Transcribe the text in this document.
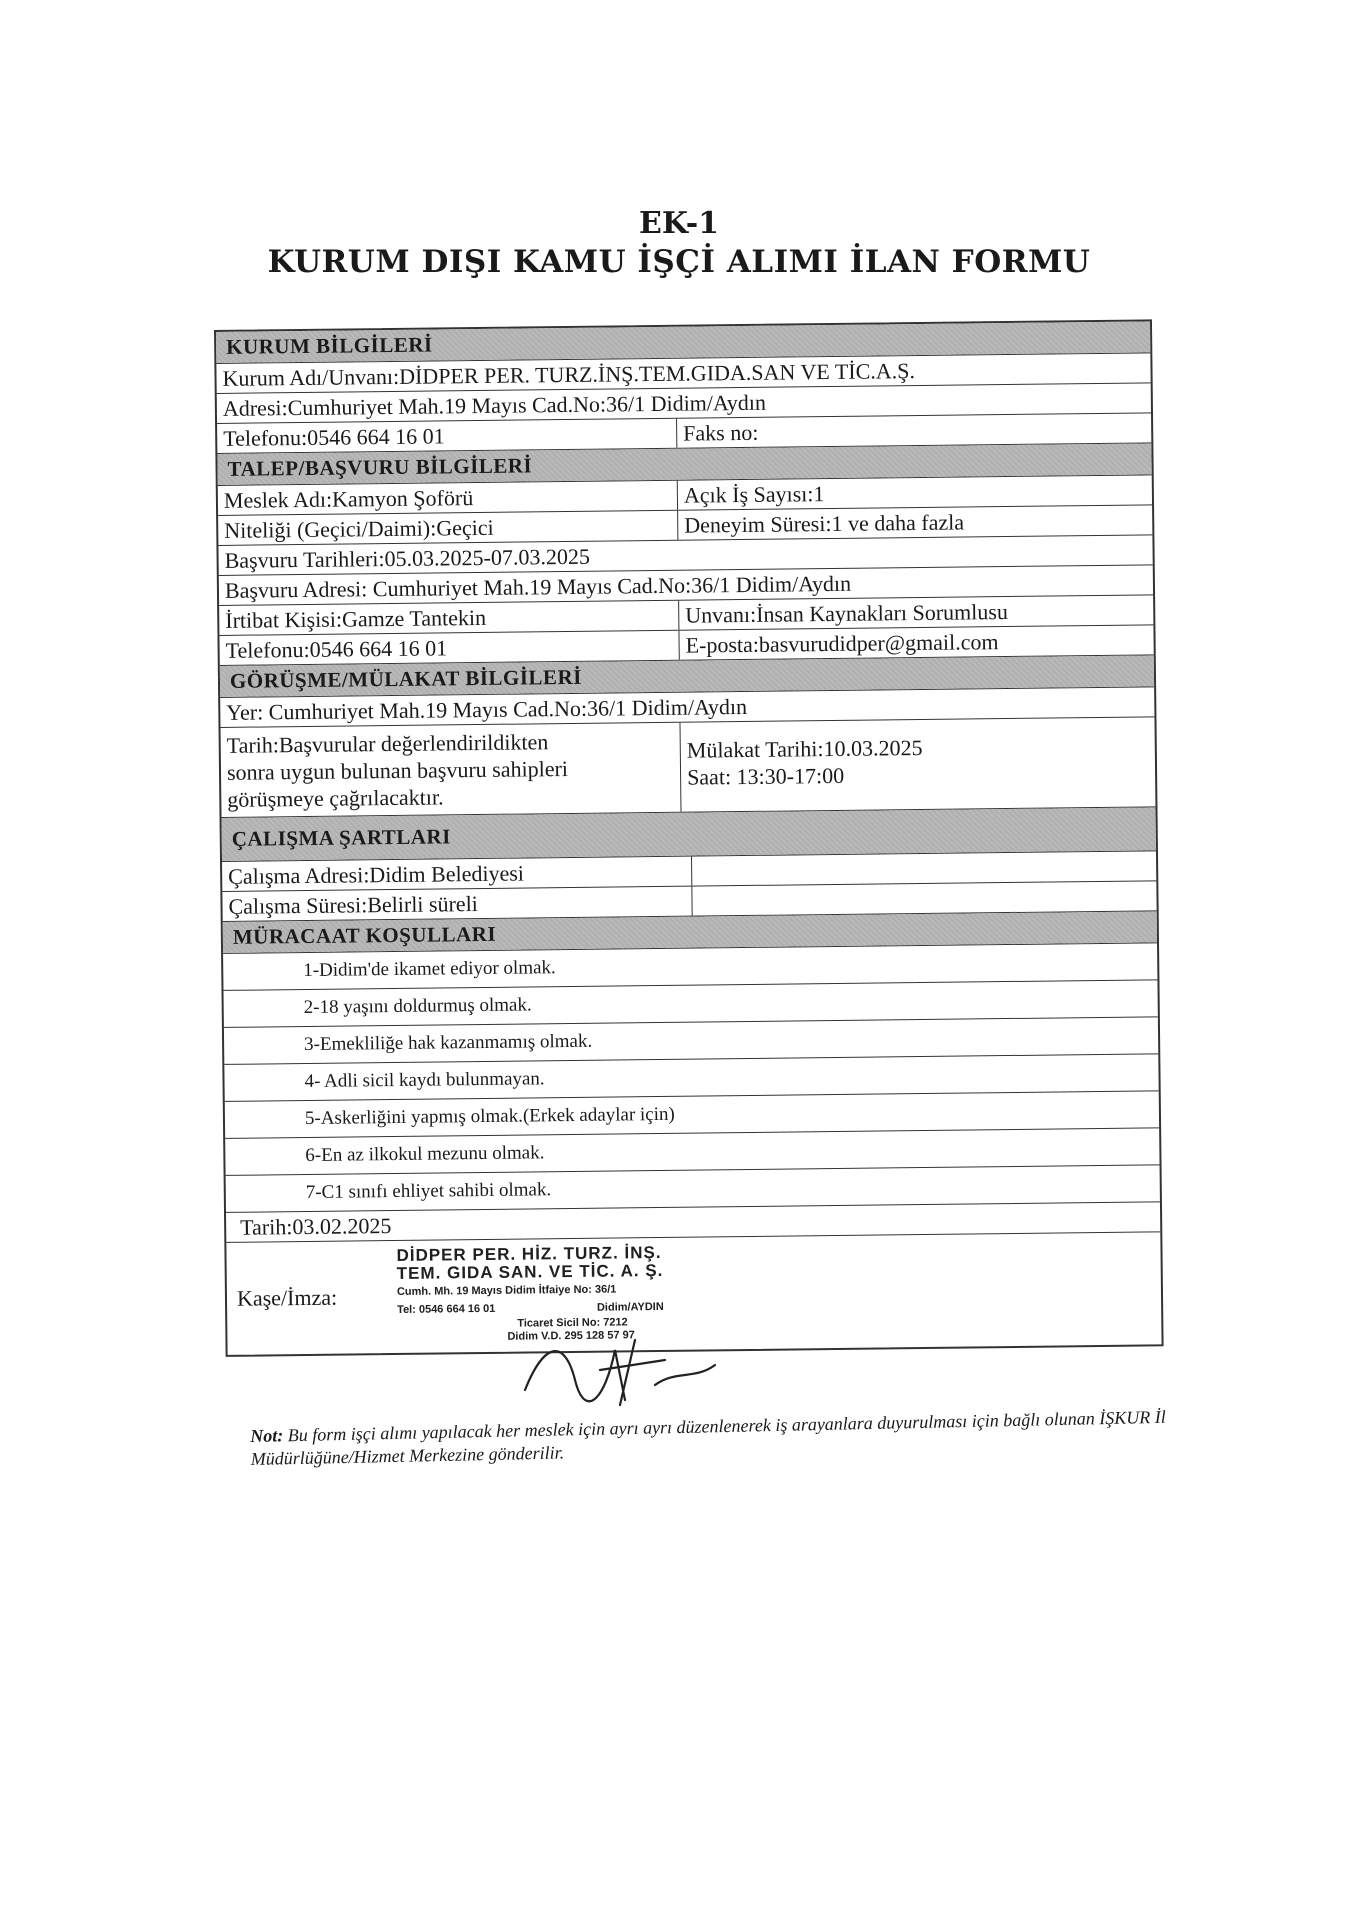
EK-1
KURUM DIŞI KAMU İŞÇİ ALIMI İLAN FORMU
KURUM BİLGİLERİ
Kurum Adı/Unvanı:DİDPER PER. TURZ.İNŞ.TEM.GIDA.SAN VE TİC.A.Ş.
Adresi:Cumhuriyet Mah.19 Mayıs Cad.No:36/1 Didim/Aydın
Telefonu:0546 664 16 01	Faks no:
TALEP/BAŞVURU BİLGİLERİ
Meslek Adı:Kamyon Şoförü	Açık İş Sayısı:1
Niteliği (Geçici/Daimi):Geçici	Deneyim Süresi:1 ve daha fazla
Başvuru Tarihleri:05.03.2025-07.03.2025
Başvuru Adresi: Cumhuriyet Mah.19 Mayıs Cad.No:36/1 Didim/Aydın
İrtibat Kişisi:Gamze Tantekin	Unvanı:İnsan Kaynakları Sorumlusu
Telefonu:0546 664 16 01	E-posta:basvurudidper@gmail.com
GÖRÜŞME/MÜLAKAT BİLGİLERİ
Yer: Cumhuriyet Mah.19 Mayıs Cad.No:36/1 Didim/Aydın
Tarih:Başvurular değerlendirildikten
sonra uygun bulunan başvuru sahipleri
görüşmeye çağrılacaktır.
Mülakat Tarihi:10.03.2025
Saat: 13:30-17:00
ÇALIŞMA ŞARTLARI
Çalışma Adresi:Didim Belediyesi
Çalışma Süresi:Belirli süreli
MÜRACAAT KOŞULLARI
1-Didim'de ikamet ediyor olmak.
2-18 yaşını doldurmuş olmak.
3-Emekliliğe hak kazanmamış olmak.
4- Adli sicil kaydı bulunmayan.
5-Askerliğini yapmış olmak.(Erkek adaylar için)
6-En az ilkokul mezunu olmak.
7-C1 sınıfı ehliyet sahibi olmak.
Tarih:03.02.2025
Kaşe/İmza:
DİDPER PER. HİZ. TURZ. İNŞ.
TEM. GIDA SAN. VE TİC. A. Ş.
Cumh. Mh. 19 Mayıs Didim İtfaiye No: 36/1
Tel: 0546 664 16 01	Didim/AYDIN
Ticaret Sicil No: 7212
Didim V.D. 295 128 57 97
Not: Bu form işçi alımı yapılacak her meslek için ayrı ayrı düzenlenerek iş arayanlara duyurulması için bağlı olunan İŞKUR İl Müdürlüğüne/Hizmet Merkezine gönderilir.
